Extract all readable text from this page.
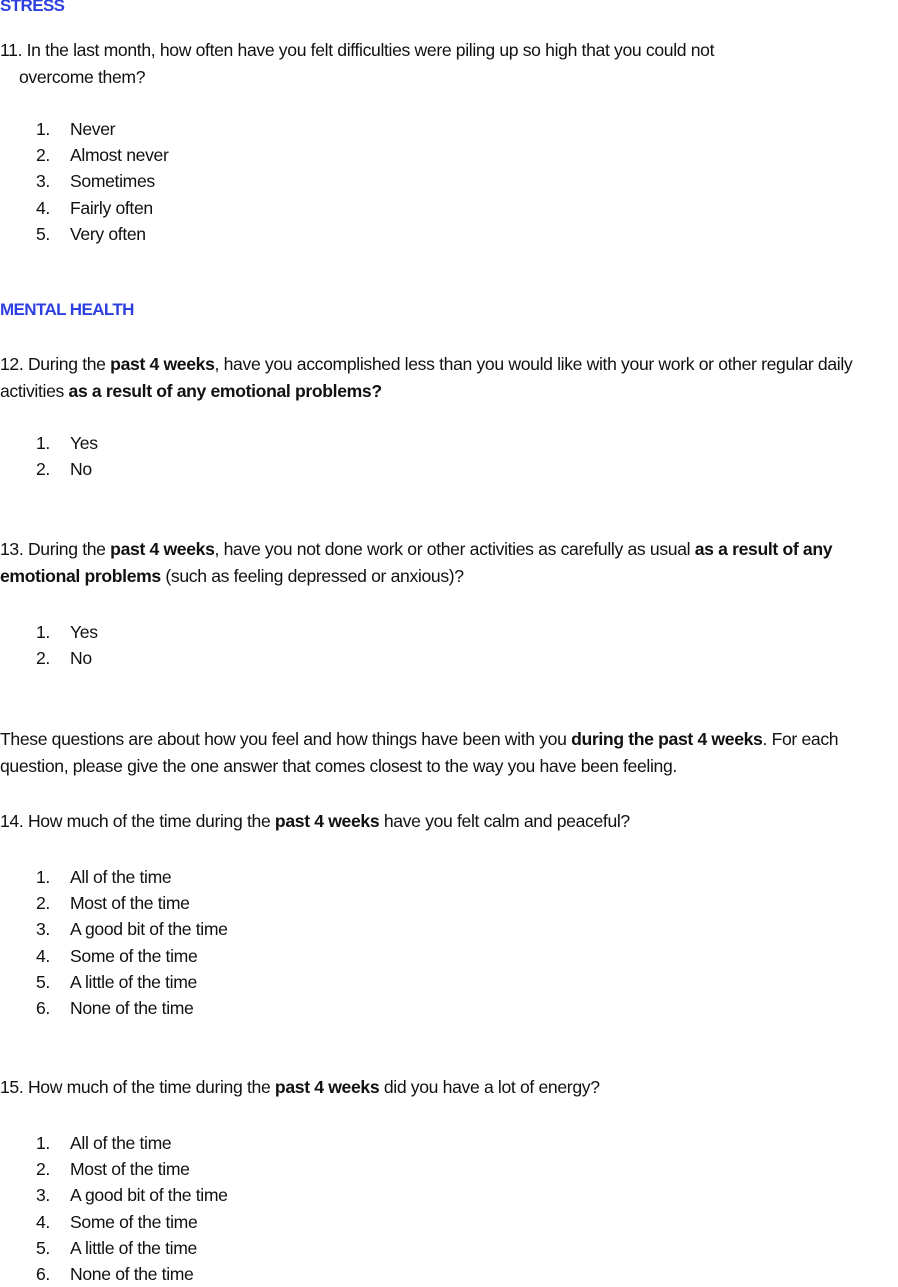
STRESS

11. In the last month, how often have you felt difficulties were piling up so high that you could not
overcome them?

1. Never
2. Almost never
3. Sometimes
4. Fairly often
5. Very often
MENTAL HEALTH

12. During the past 4 weeks, have you accomplished less than you would like with your work or other regular daily activities as a result of any emotional problems?

1. Yes
2. No

13. During the past 4 weeks, have you not done work or other activities as carefully as usual as a result of any emotional problems (such as feeling depressed or anxious)?

1. Yes
2. No

These questions are about how you feel and how things have been with you during the past 4 weeks. For each question, please give the one answer that comes closest to the way you have been feeling.

14. How much of the time during the past 4 weeks have you felt calm and peaceful?

1. All of the time
2. Most of the time
3. A good bit of the time
4. Some of the time
5. A little of the time
6. None of the time

15. How much of the time during the past 4 weeks did you have a lot of energy?

1. All of the time
2. Most of the time
3. A good bit of the time
4. Some of the time
5. A little of the time
6. None of the time
